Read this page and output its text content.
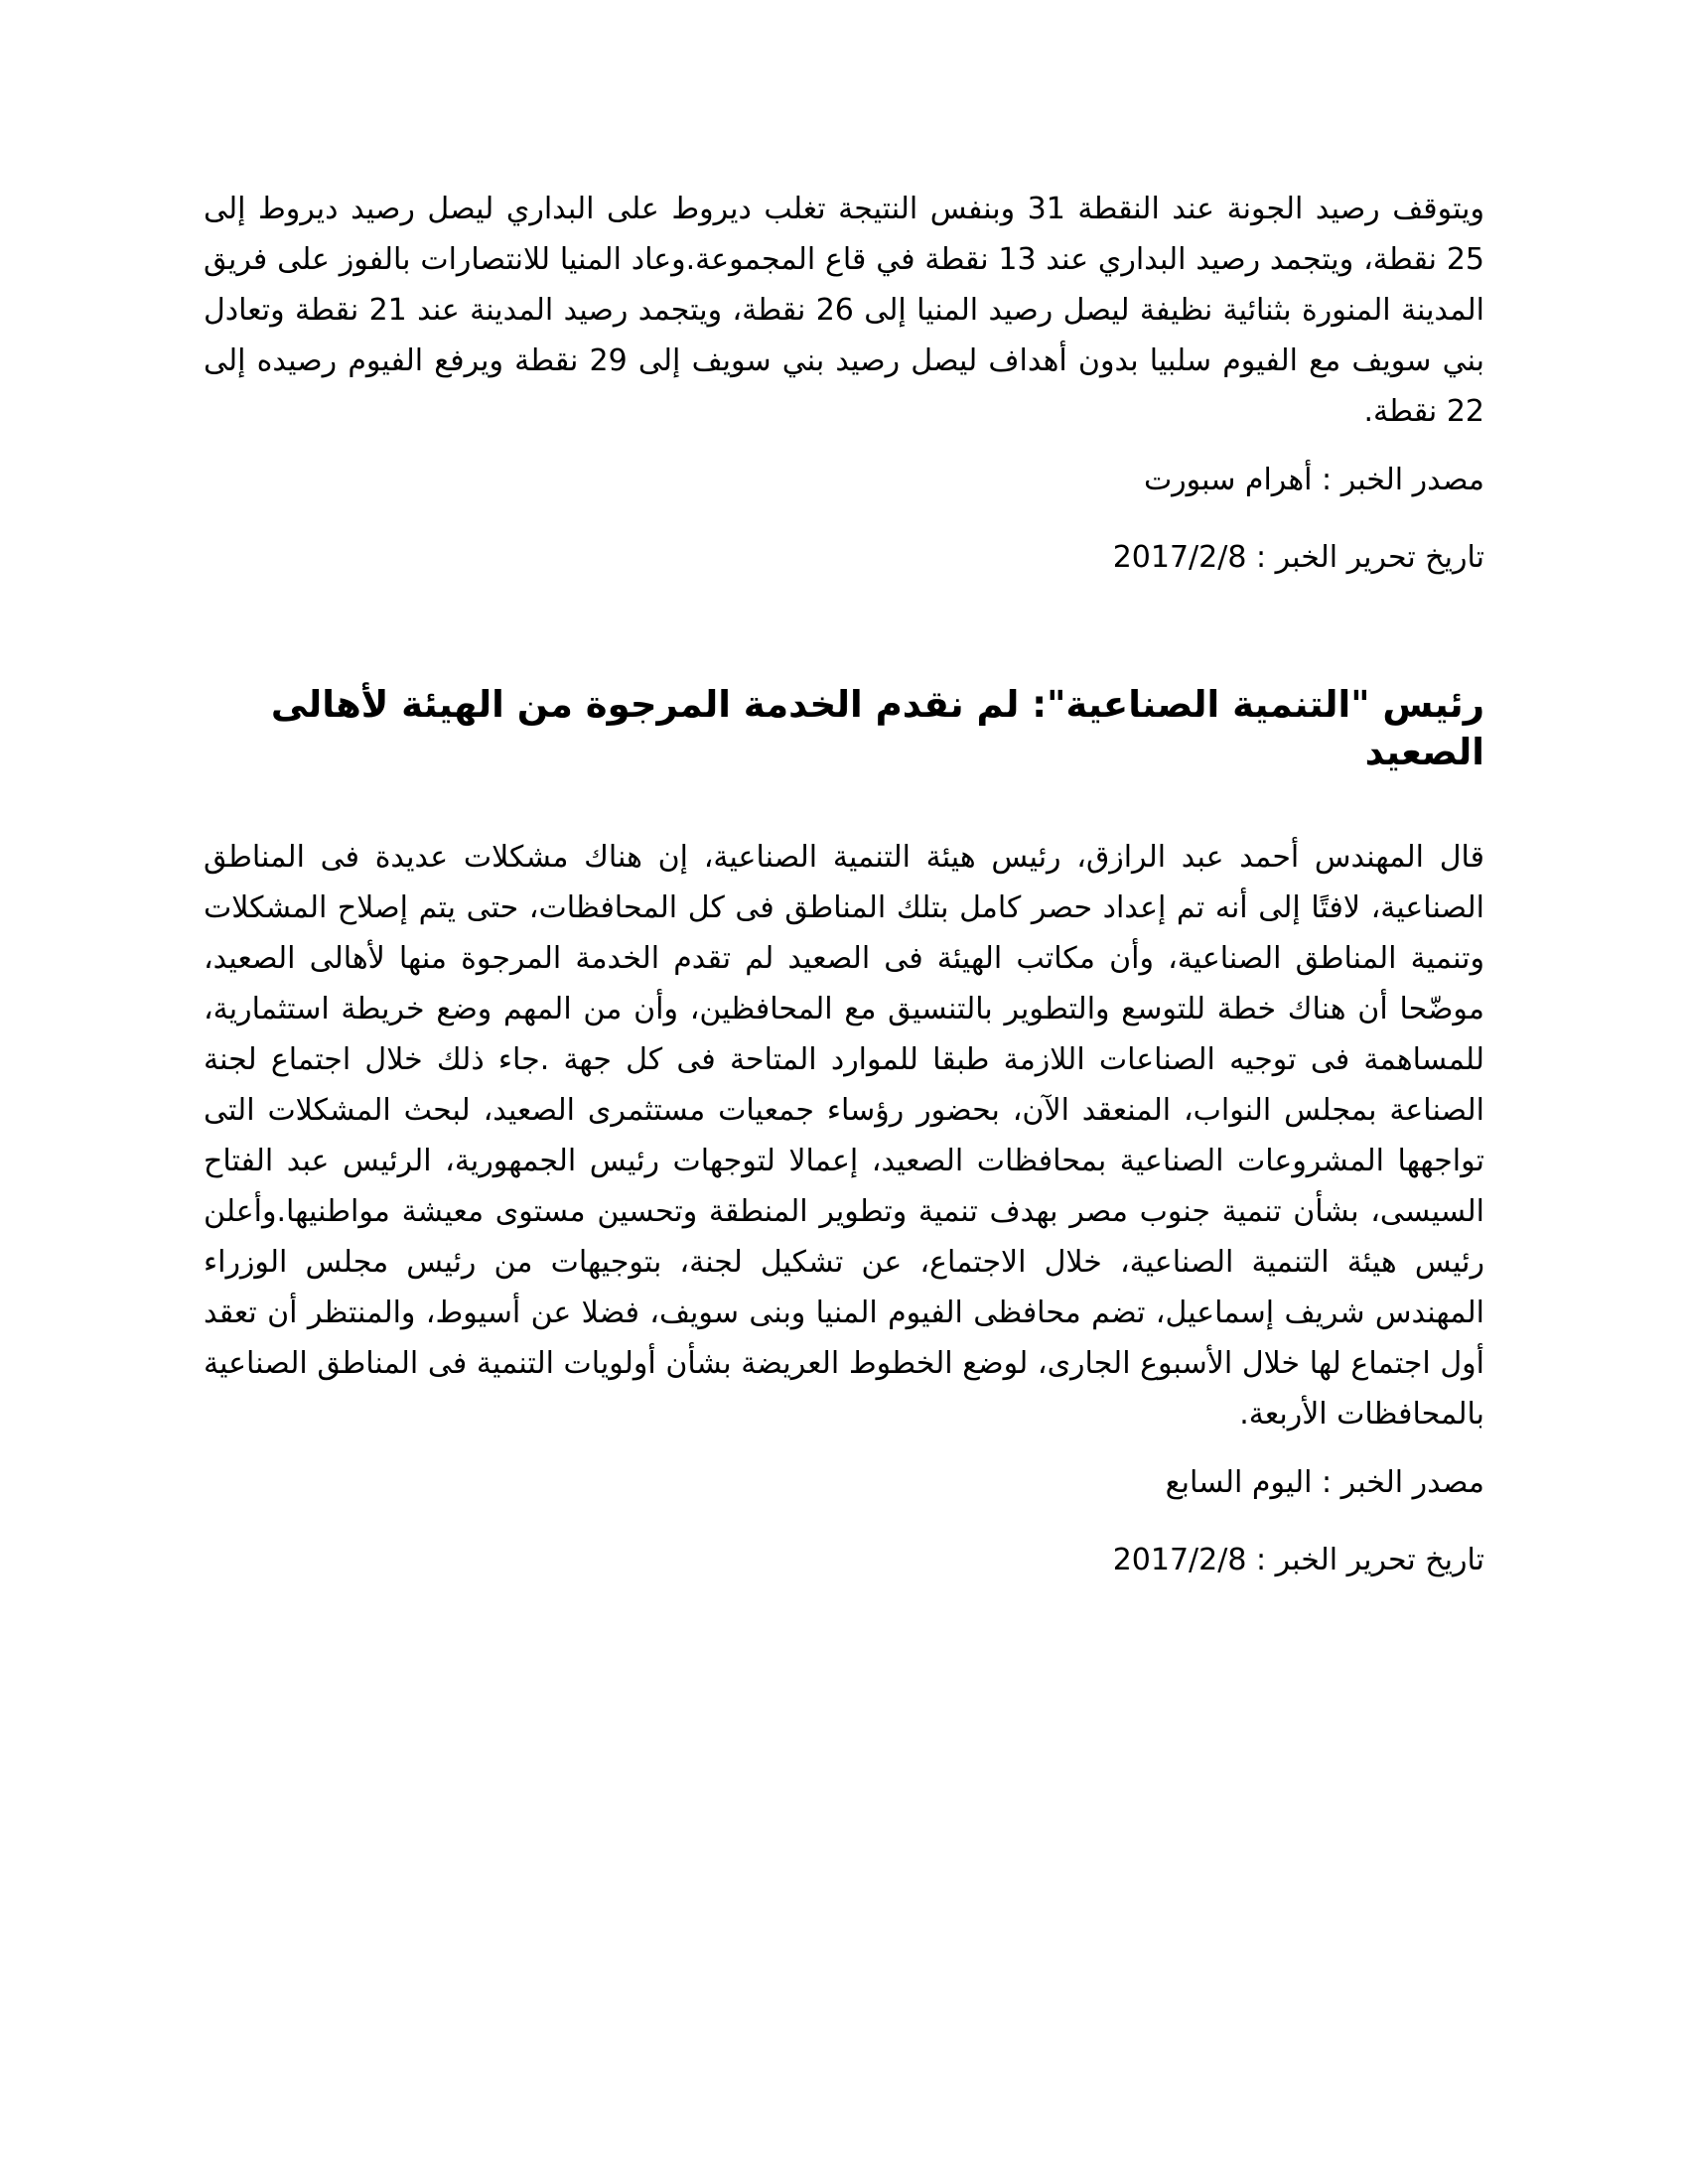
ويتوقف رصيد الجونة عند النقطة 31 وبنفس النتيجة تغلب ديروط على البداري ليصل رصيد ديروط إلى 25 نقطة، ويتجمد رصيد البداري عند 13 نقطة في قاع المجموعة.وعاد المنيا للانتصارات بالفوز على فريق المدينة المنورة بثنائية نظيفة ليصل رصيد المنيا إلى 26 نقطة، ويتجمد رصيد المدينة عند 21 نقطة وتعادل بني سويف مع الفيوم سلبيا بدون أهداف ليصل رصيد بني سويف إلى 29 نقطة ويرفع الفيوم رصيده إلى 22 نقطة.

مصدر الخبر : أهرام سبورت

تاريخ تحرير الخبر : 2017/2/8

رئيس "التنمية الصناعية": لم نقدم الخدمة المرجوة من الهيئة لأهالى الصعيد

قال المهندس أحمد عبد الرازق، رئيس هيئة التنمية الصناعية، إن هناك مشكلات عديدة فى المناطق الصناعية، لافتًا إلى أنه تم إعداد حصر كامل بتلك المناطق فى كل المحافظات، حتى يتم إصلاح المشكلات وتنمية المناطق الصناعية، وأن مكاتب الهيئة فى الصعيد لم تقدم الخدمة المرجوة منها لأهالى الصعيد، موضّحا أن هناك خطة للتوسع والتطوير بالتنسيق مع المحافظين، وأن من المهم وضع خريطة استثمارية، للمساهمة فى توجيه الصناعات اللازمة طبقا للموارد المتاحة فى كل جهة .جاء ذلك خلال اجتماع لجنة الصناعة بمجلس النواب، المنعقد الآن، بحضور رؤساء جمعيات مستثمرى الصعيد، لبحث المشكلات التى تواجهها المشروعات الصناعية بمحافظات الصعيد، إعمالا لتوجهات رئيس الجمهورية، الرئيس عبد الفتاح السيسى، بشأن تنمية جنوب مصر بهدف تنمية وتطوير المنطقة وتحسين مستوى معيشة مواطنيها.وأعلن رئيس هيئة التنمية الصناعية، خلال الاجتماع، عن تشكيل لجنة، بتوجيهات من رئيس مجلس الوزراء المهندس شريف إسماعيل، تضم محافظى الفيوم المنيا وبنى سويف، فضلا عن أسيوط، والمنتظر أن تعقد أول اجتماع لها خلال الأسبوع الجارى، لوضع الخطوط العريضة بشأن أولويات التنمية فى المناطق الصناعية بالمحافظات الأربعة.

مصدر الخبر : اليوم السابع

تاريخ تحرير الخبر : 2017/2/8
